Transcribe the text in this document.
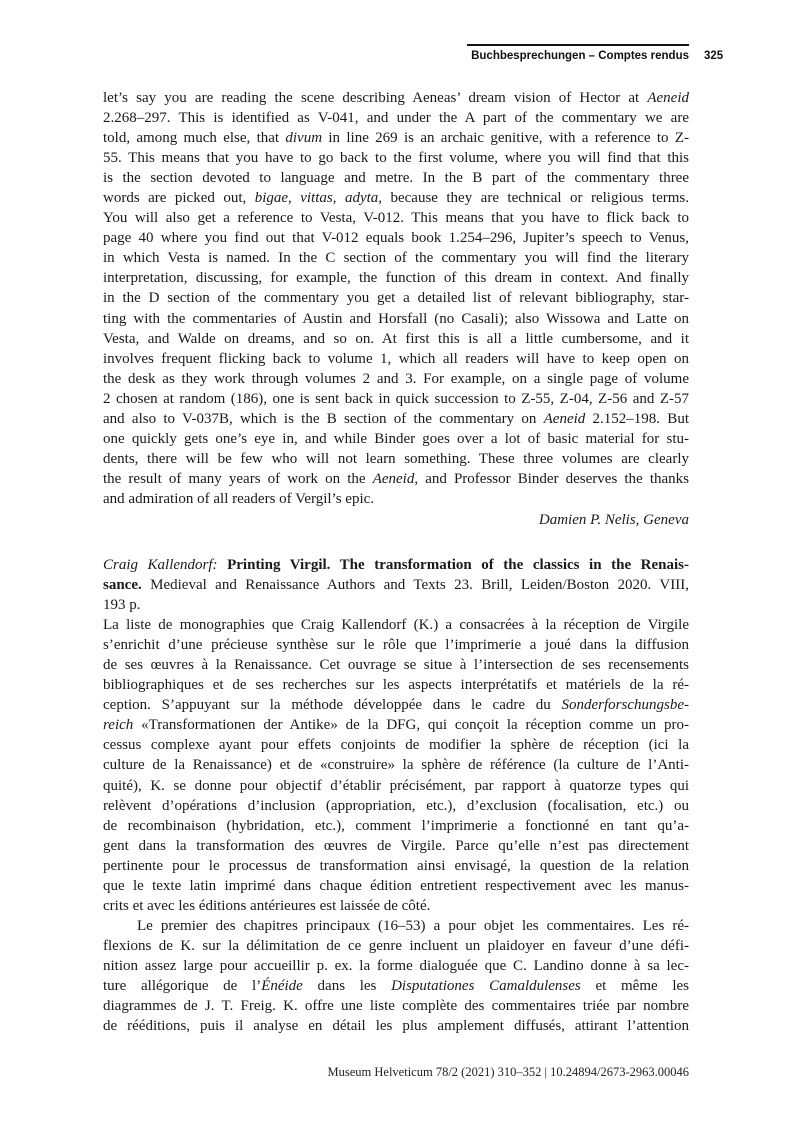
Buchbesprechungen – Comptes rendus 325
let’s say you are reading the scene describing Aeneas’ dream vision of Hector at Aeneid
2.268–297. This is identified as V-041, and under the A part of the commentary we are
told, among much else, that divum in line 269 is an archaic genitive, with a reference to Z-
55. This means that you have to go back to the first volume, where you will find that this
is the section devoted to language and metre. In the B part of the commentary three
words are picked out, bigae, vittas, adyta, because they are technical or religious terms.
You will also get a reference to Vesta, V-012. This means that you have to flick back to
page 40 where you find out that V-012 equals book 1.254–296, Jupiter’s speech to Venus,
in which Vesta is named. In the C section of the commentary you will find the literary
interpretation, discussing, for example, the function of this dream in context. And finally
in the D section of the commentary you get a detailed list of relevant bibliography, star-
ting with the commentaries of Austin and Horsfall (no Casali); also Wissowa and Latte on
Vesta, and Walde on dreams, and so on. At first this is all a little cumbersome, and it
involves frequent flicking back to volume 1, which all readers will have to keep open on
the desk as they work through volumes 2 and 3. For example, on a single page of volume
2 chosen at random (186), one is sent back in quick succession to Z-55, Z-04, Z-56 and Z-57
and also to V-037B, which is the B section of the commentary on Aeneid 2.152–198. But
one quickly gets one’s eye in, and while Binder goes over a lot of basic material for stu-
dents, there will be few who will not learn something. These three volumes are clearly
the result of many years of work on the Aeneid, and Professor Binder deserves the thanks
and admiration of all readers of Vergil’s epic.
Damien P. Nelis, Geneva
Craig Kallendorf: Printing Virgil. The transformation of the classics in the Renais-
sance. Medieval and Renaissance Authors and Texts 23. Brill, Leiden/Boston 2020. VIII,
193 p.
La liste de monographies que Craig Kallendorf (K.) a consacrées à la réception de Virgile
s’enrichit d’une précieuse synthèse sur le rôle que l’imprimerie a joué dans la diffusion
de ses œuvres à la Renaissance. Cet ouvrage se situe à l’intersection de ses recensements
bibliographiques et de ses recherches sur les aspects interprétatifs et matériels de la ré-
ception. S’appuyant sur la méthode développée dans le cadre du Sonderforschungsbe-
reich «Transformationen der Antike» de la DFG, qui conçoit la réception comme un pro-
cessus complexe ayant pour effets conjoints de modifier la sphère de réception (ici la
culture de la Renaissance) et de «construire» la sphère de référence (la culture de l’Anti-
quité), K. se donne pour objectif d’établir précisément, par rapport à quatorze types qui
relèvent d’opérations d’inclusion (appropriation, etc.), d’exclusion (focalisation, etc.) ou
de recombinaison (hybridation, etc.), comment l’imprimerie a fonctionné en tant qu’a-
gent dans la transformation des œuvres de Virgile. Parce qu’elle n’est pas directement
pertinente pour le processus de transformation ainsi envisagé, la question de la relation
que le texte latin imprimé dans chaque édition entretient respectivement avec les manus-
crits et avec les éditions antérieures est laissée de côté.
Le premier des chapitres principaux (16–53) a pour objet les commentaires. Les ré-
flexions de K. sur la délimitation de ce genre incluent un plaidoyer en faveur d’une défi-
nition assez large pour accueillir p. ex. la forme dialoguée que C. Landino donne à sa lec-
ture allégorique de l’Énéide dans les Disputationes Camaldulenses et même les
diagrammes de J. T. Freig. K. offre une liste complète des commentaires triée par nombre
de rééditions, puis il analyse en détail les plus amplement diffusés, attirant l’attention
Museum Helveticum 78/2 (2021) 310–352 | 10.24894/2673-2963.00046
